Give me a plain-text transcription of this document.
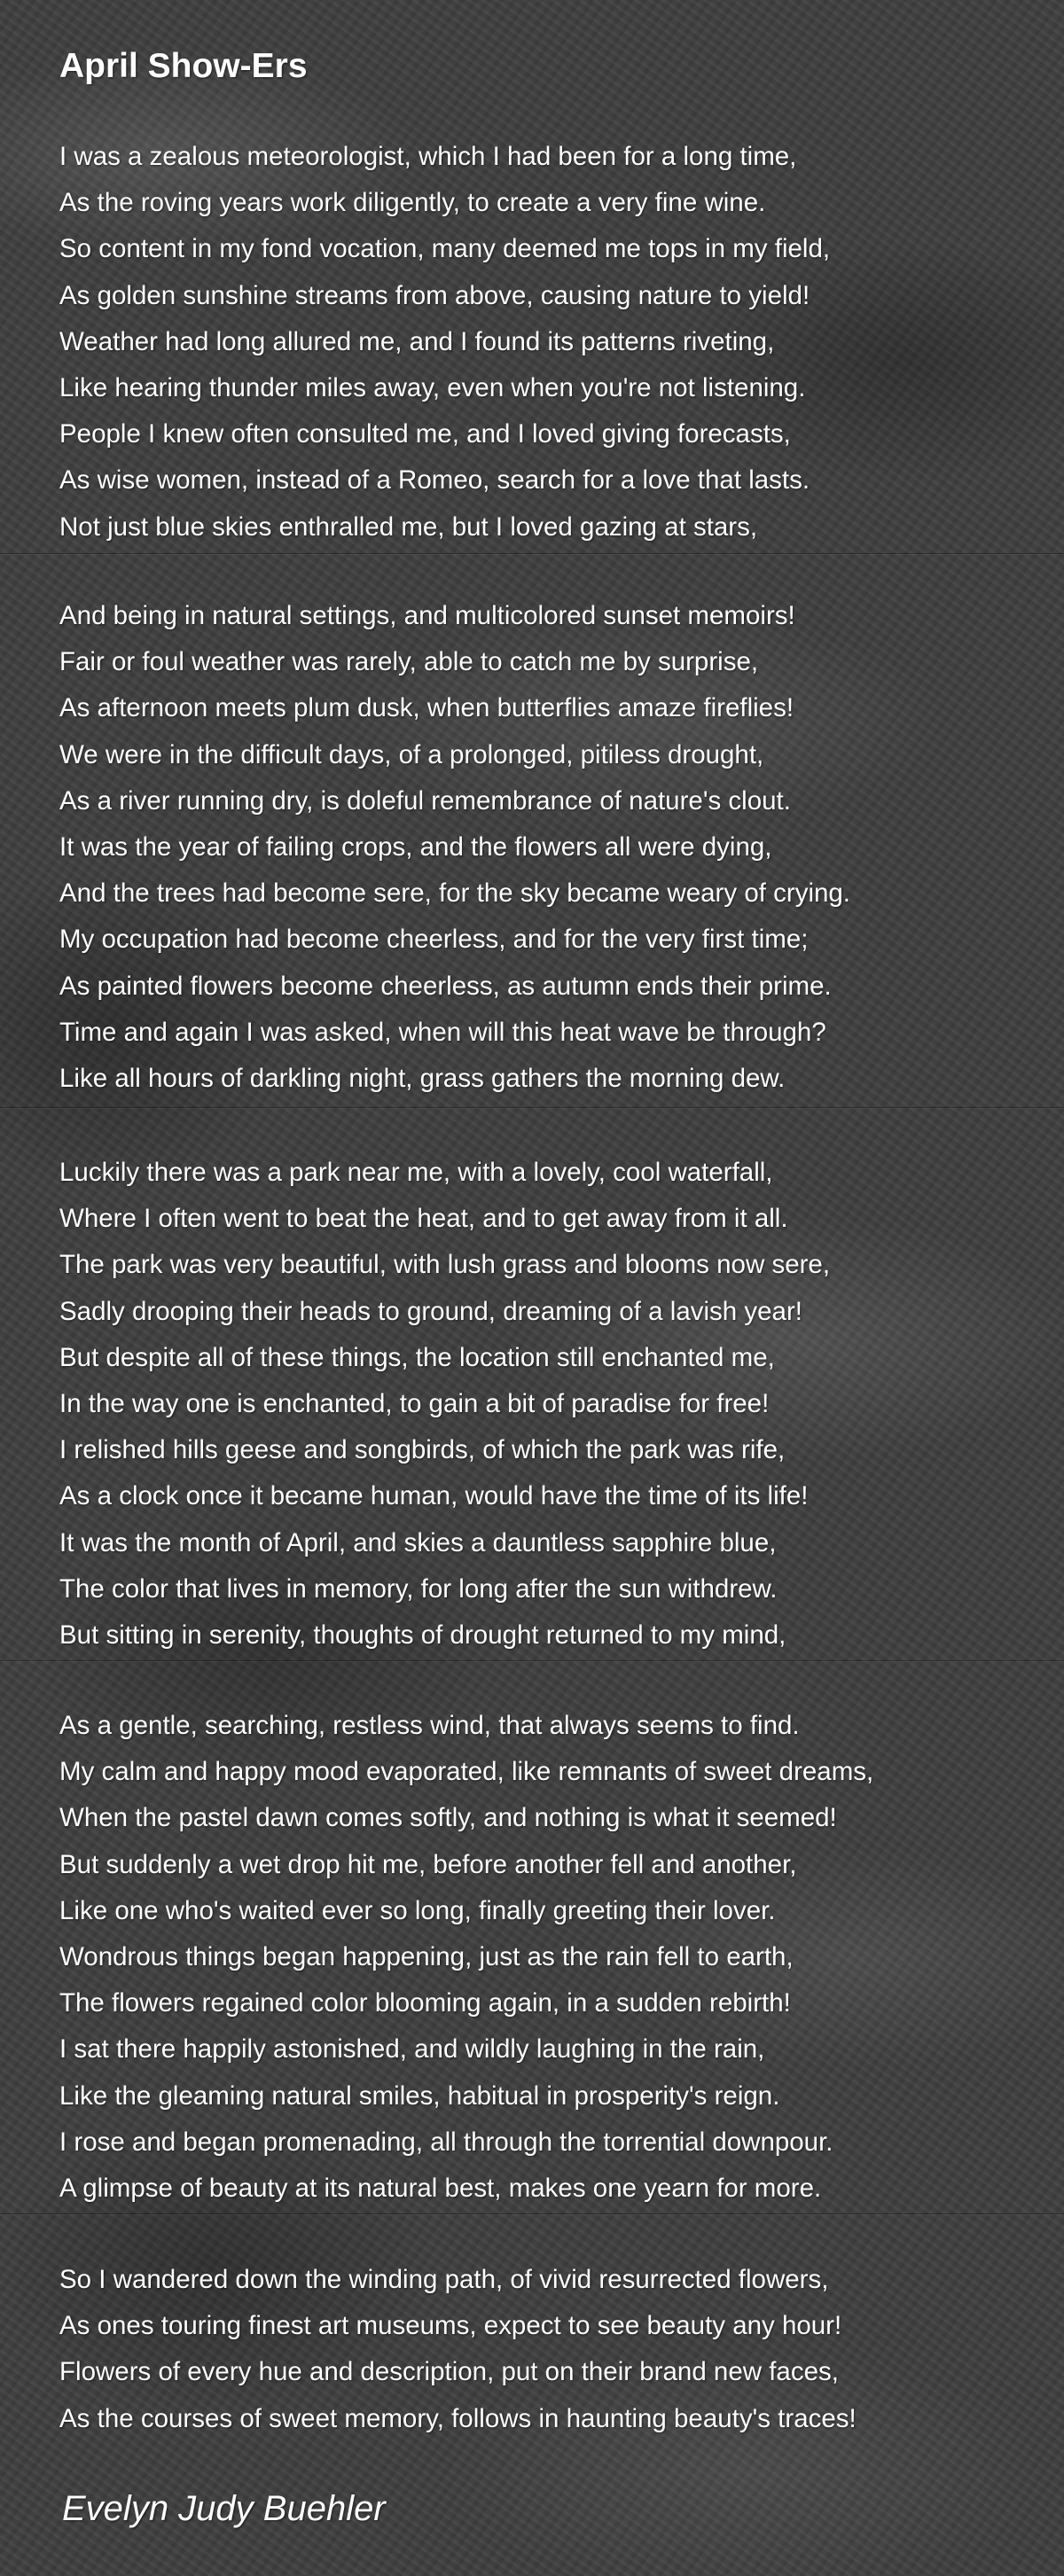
April Show-Ers
I was a zealous meteorologist, which I had been for a long time,
As the roving years work diligently, to create a very fine wine.
So content in my fond vocation, many deemed me tops in my field,
As golden sunshine streams from above, causing nature to yield!
Weather had long allured me, and I found its patterns riveting,
Like hearing thunder miles away, even when you're not listening.
People I knew often consulted me, and I loved giving forecasts,
As wise women, instead of a Romeo, search for a love that lasts.
Not just blue skies enthralled me, but I loved gazing at stars,
And being in natural settings, and multicolored sunset memoirs!
Fair or foul weather was rarely, able to catch me by surprise,
As afternoon meets plum dusk, when butterflies amaze fireflies!
We were in the difficult days, of a prolonged, pitiless drought,
As a river running dry, is doleful remembrance of nature's clout.
It was the year of failing crops, and the flowers all were dying,
And the trees had become sere, for the sky became weary of crying.
My occupation had become cheerless, and for the very first time;
As painted flowers become cheerless, as autumn ends their prime.
Time and again I was asked, when will this heat wave be through?
Like all hours of darkling night, grass gathers the morning dew.
Luckily there was a park near me, with a lovely, cool waterfall,
Where I often went to beat the heat, and to get away from it all.
The park was very beautiful, with lush grass and blooms now sere,
Sadly drooping their heads to ground, dreaming of a lavish year!
But despite all of these things, the location still enchanted me,
In the way one is enchanted, to gain a bit of paradise for free!
I relished hills geese and songbirds, of which the park was rife,
As a clock once it became human, would have the time of its life!
It was the month of April, and skies a dauntless sapphire blue,
The color that lives in memory, for long after the sun withdrew.
But sitting in serenity, thoughts of drought returned to my mind,
As a gentle, searching, restless wind, that always seems to find.
My calm and happy mood evaporated, like remnants of sweet dreams,
When the pastel dawn comes softly, and nothing is what it seemed!
But suddenly a wet drop hit me, before another fell and another,
Like one who's waited ever so long, finally greeting their lover.
Wondrous things began happening, just as the rain fell to earth,
The flowers regained color blooming again, in a sudden rebirth!
I sat there happily astonished, and wildly laughing in the rain,
Like the gleaming natural smiles, habitual in prosperity's reign.
I rose and began promenading, all through the torrential downpour.
A glimpse of beauty at its natural best, makes one yearn for more.
So I wandered down the winding path, of vivid resurrected flowers,
As ones touring finest art museums, expect to see beauty any hour!
Flowers of every hue and description, put on their brand new faces,
As the courses of sweet memory, follows in haunting beauty's traces!

Evelyn Judy Buehler
